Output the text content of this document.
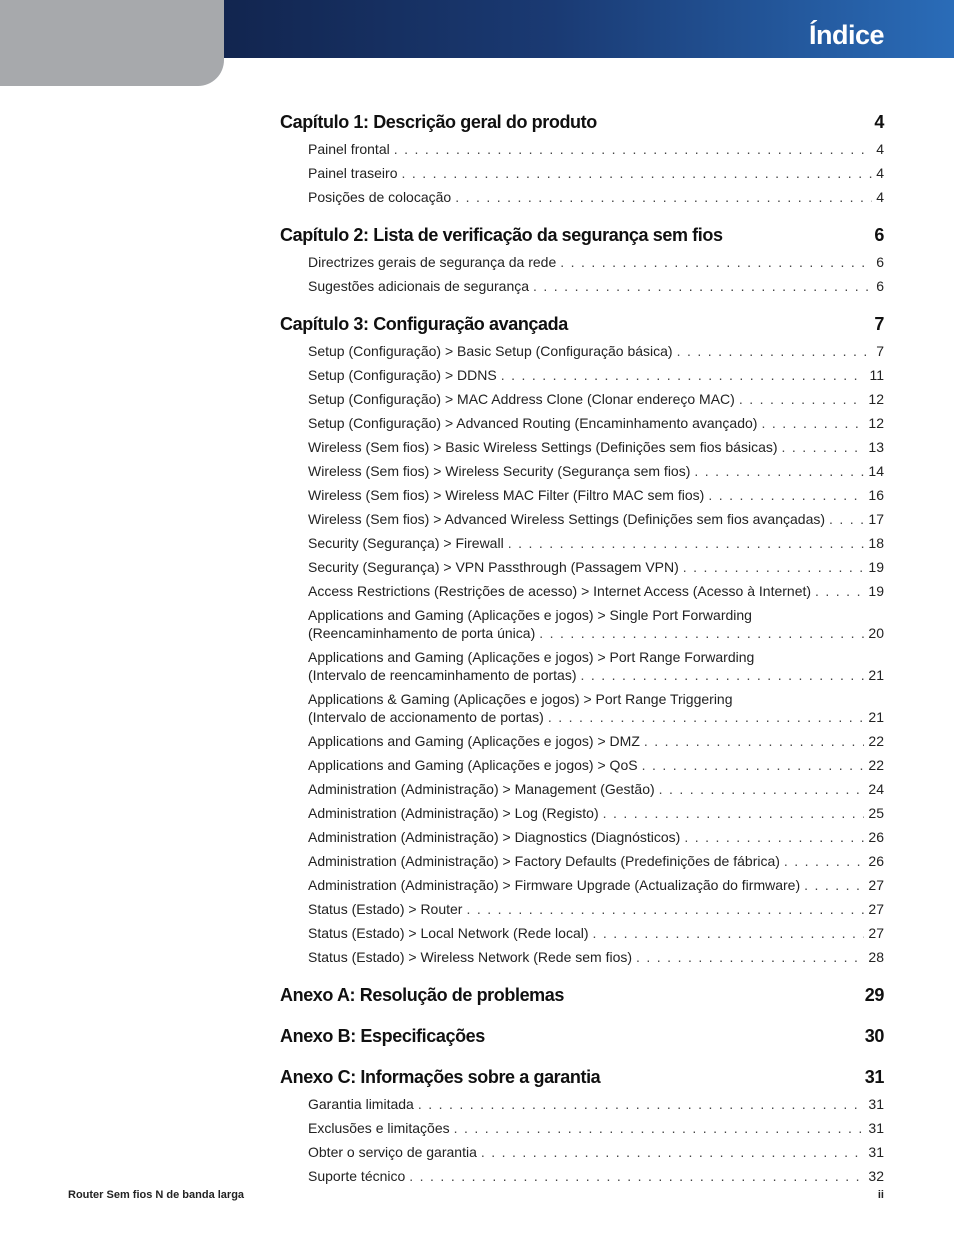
Índice
Capítulo 1: Descrição geral do produto	4
Painel frontal . . .	4
Painel traseiro . . .	4
Posições de colocação . . .	4
Capítulo 2: Lista de verificação da segurança sem fios	6
Directrizes gerais de segurança da rede . . .	6
Sugestões adicionais de segurança . . .	6
Capítulo 3: Configuração avançada	7
Setup (Configuração) > Basic Setup (Configuração básica) . . .	7
Setup (Configuração) > DDNS . . .	11
Setup (Configuração) > MAC Address Clone (Clonar endereço MAC) . . .	12
Setup (Configuração) > Advanced Routing (Encaminhamento avançado) . . .	12
Wireless (Sem fios) > Basic Wireless Settings (Definições sem fios básicas) . . .	13
Wireless (Sem fios) > Wireless Security (Segurança sem fios) . . .	14
Wireless (Sem fios) > Wireless MAC Filter (Filtro MAC sem fios) . . .	16
Wireless (Sem fios) > Advanced Wireless Settings (Definições sem fios avançadas) . . .	17
Security (Segurança) > Firewall . . .	18
Security (Segurança) > VPN Passthrough (Passagem VPN) . . .	19
Access Restrictions (Restrições de acesso) > Internet Access (Acesso à Internet) . . .	19
Applications and Gaming (Aplicações e jogos) > Single Port Forwarding
(Reencaminhamento de porta única) . . .	20
Applications and Gaming (Aplicações e jogos) > Port Range Forwarding
(Intervalo de reencaminhamento de portas) . . .	21
Applications & Gaming (Aplicações e jogos) > Port Range Triggering
(Intervalo de accionamento de portas) . . .	21
Applications and Gaming (Aplicações e jogos) > DMZ . . .	22
Applications and Gaming (Aplicações e jogos) > QoS . . .	22
Administration (Administração) > Management (Gestão) . . .	24
Administration (Administração) > Log (Registo) . . .	25
Administration (Administração) > Diagnostics (Diagnósticos) . . .	26
Administration (Administração) > Factory Defaults (Predefinições de fábrica) . . .	26
Administration (Administração) > Firmware Upgrade (Actualização do firmware) . . .	27
Status (Estado) > Router . . .	27
Status (Estado) > Local Network (Rede local) . . .	27
Status (Estado) > Wireless Network (Rede sem fios) . . .	28
Anexo A: Resolução de problemas	29
Anexo B: Especificações	30
Anexo C: Informações sobre a garantia	31
Garantia limitada . . .	31
Exclusões e limitações . . .	31
Obter o serviço de garantia . . .	31
Suporte técnico . . .	32
Router Sem fios N de banda larga	ii
